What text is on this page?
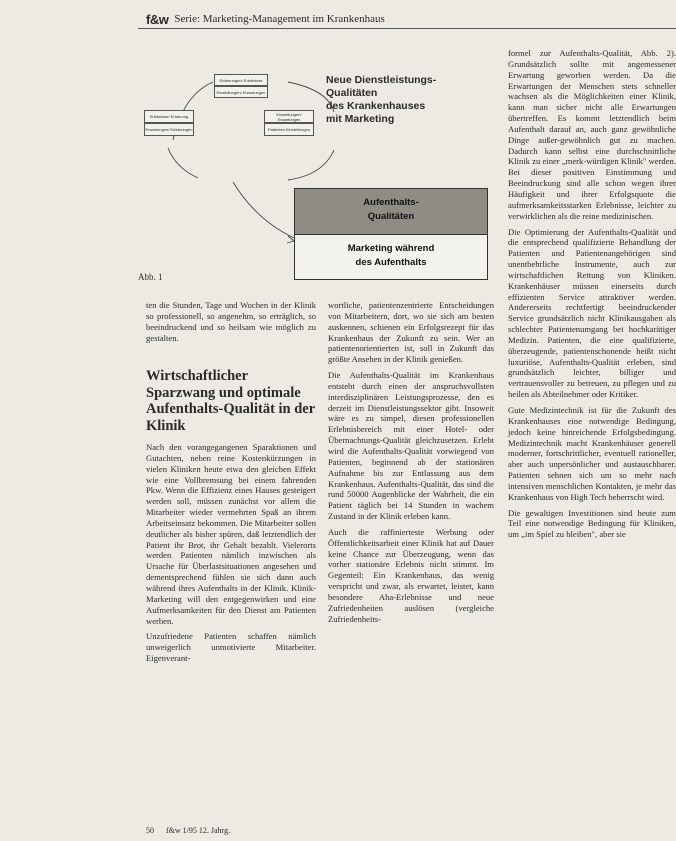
f&w Serie: Marketing-Management im Krankenhaus
Erfahrungen/ Erlebnisse
Einstellungen/ Erwartungen
Erlebnisse/ Erfahrung
Erwartungen/ Erfahrungen
Einstellungen/ Erwartungen
Patienten Einstellungen
Neue Dienstleistungs-
Qualitäten
des Krankenhauses
mit Marketing
Aufenthalts-
Qualitäten
Marketing während
des Aufenthalts
Abb. 1

ten die Stunden, Tage und Wochen in der Klinik so professionell, so angenehm, so erträglich, so beeindruckend und so heilsam wie möglich zu gestalten.

Wirtschaftlicher Sparzwang und optimale Aufenthalts-Qualität in der Klinik

Nach den vorangegangenen Sparaktionen und Gutachten, neben reine Kostenkürzungen in vielen Kliniken heute etwa den gleichen Effekt wie eine Vollbremsung bei einem fahrenden Pkw. Wenn die Effizienz eines Hauses gesteigert werden soll, müssen zunächst vor allem die Mitarbeiter wieder vermehrten Spaß an ihrem Arbeitseinsatz bekommen. Die Mitarbeiter sollen deutlicher als bisher spüren, daß letztendlich der Patient ihr Brot, ihr Gehalt bezahlt. Vielerorts werden Patienten nämlich inzwischen als Ursache für Überlastsituationen angesehen und dementsprechend fühlen sie sich dann auch während ihres Aufenthalts in der Klinik. Klinik-Marketing will den entgegenwirken und eine Aufmerksamkeiten für den Dienst am Patienten werben.

Unzufriedene Patienten schaffen nämlich unweigerlich unmotivierte Mitarbeiter. Eigenverant-

wortliche, patientenzentrierte Entscheidungen von Mitarbeitern, dort, wo sie sich am besten auskennen, schienen ein Erfolgsrezept für das Krankenhaus der Zukunft zu sein. Wer an patientenorientierten ist, soll in Zukunft das größte Ansehen in der Klinik genießen.

Die Aufenthalts-Qualität im Krankenhaus entsteht durch einen der anspruchsvollsten interdisziplinären Leistungsprozesse, den es derzeit im Dienstleistungssektor gibt. Insoweit wäre es zu simpel, diesen professionellen Erlebnisbereich mit einer Hotel- oder Übernachtungs-Qualität gleichzusetzen. Erlebt wird die Aufenthalts-Qualität vorwiegend von Patienten, beginnend ab der stationären Aufnahme bis zur Entlassung aus dem Krankenhaus. Aufenthalts-Qualität, das sind die rund 50000 Augenblicke der Wahrheit, die ein Patient täglich bei 14 Stunden in wachem Zustand in der Klinik erleben kann.

Auch die raffinierteste Werbung oder Öffentlichkeitsarbeit einer Klinik hat auf Dauer keine Chance zur Überzeugung, wenn das vorher stationäre Erlebnis nicht stimmt. Im Gegenteil: Ein Krankenhaus, das wenig verspricht und zwar, als erwartet, leistet, kann besondere Aha-Erlebnisse und neue Zufriedenheiten auslösen (vergleiche Zufriedenheits-

formel zur Aufenthalts-Qualität, Abb. 2). Grundsätzlich sollte mit angemessener Erwartung geworben werden. Da die Erwartungen der Menschen stets schneller wachsen als die Möglichkeiten einer Klinik, kann man sicher nicht alle Erwartungen übertreffen. Es kommt letztendlich beim Aufenthalt darauf an, auch ganz gewöhnliche Dinge außer-gewöhnlich gut zu machen. Dadurch kann selbst eine durchschnittliche Klinik zu einer „merk-würdigen Klinik" werden. Bei dieser positiven Einstimmung und Beeindruckung sind alle schon wegen ihrer Häufigkeit und ihrer Erfolgsquote die aufmerksamkeitsstarken Erlebnisse, leichter zu verwirklichen als die reine medizinischen.

Die Optimierung der Aufenthalts-Qualität und die entsprechend qualifizierte Behandlung der Patienten und Patientenangehörigen sind unentbehrliche Instrumente, auch zur wirtschaftlichen Rettung von Kliniken. Krankenhäuser müssen einerseits durch effizienten Service attraktiver werden. Andererseits rechtfertigt beeindruckender Service grundsätzlich nicht Klinikausgaben als schlechter Patientenumgang bei hochkarätiger Medizin. Patienten, die eine qualifizierte, überzeugende, patientenschonende heißt nicht luxuriöse, Aufenthalts-Qualität erleben, sind grundsätzlich leichter, billiger und vertrauensvoller zu betreuen, zu pflegen und zu heilen als Abteilnehmer oder Kritiker.

Gute Medizintechnik ist für die Zukunft des Krankenhauses eine notwendige Bedingung, jedoch keine hinreichende Erfolgsbedingung. Medizintechnik macht Krankenhäuser generell moderner, fortschrittlicher, eventuell rationeller, aber auch unpersönlicher und austauschbarer. Patienten sehnen sich um so mehr nach intensiven menschlichen Kontakten, je mehr das Krankenhaus von High Tech beherrscht wird.

Die gewaltigen Investitionen sind heute zum Teil eine notwendige Bedingung für Kliniken, um „im Spiel zu bleiben", aber sie

50 f&w 1/95 12. Jahrg.
